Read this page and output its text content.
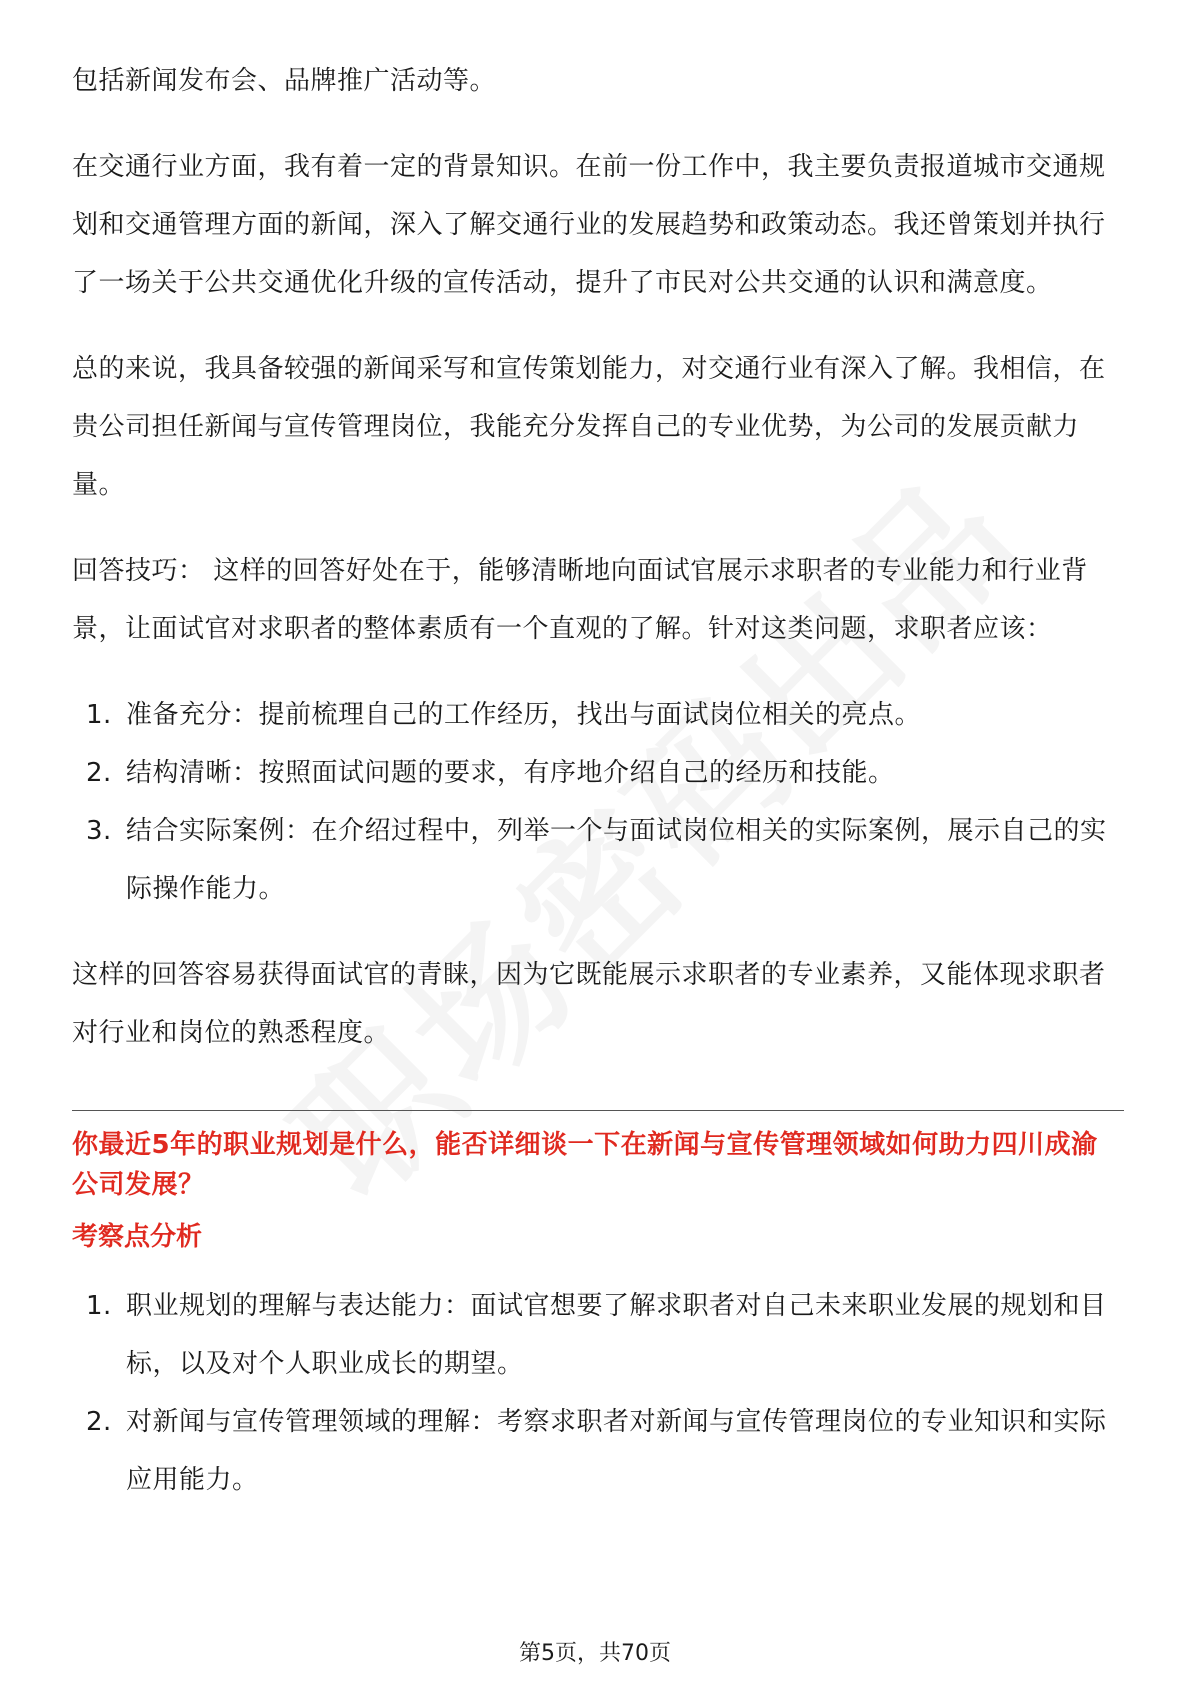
包括新闻发布会、品牌推广活动等。

在交通行业方面，我有着一定的背景知识。在前一份工作中，我主要负责报道城市交通规划和交通管理方面的新闻，深入了解交通行业的发展趋势和政策动态。我还曾策划并执行了一场关于公共交通优化升级的宣传活动，提升了市民对公共交通的认识和满意度。

总的来说，我具备较强的新闻采写和宣传策划能力，对交通行业有深入了解。我相信，在贵公司担任新闻与宣传管理岗位，我能充分发挥自己的专业优势，为公司的发展贡献力量。

回答技巧： 这样的回答好处在于，能够清晰地向面试官展示求职者的专业能力和行业背景，让面试官对求职者的整体素质有一个直观的了解。针对这类问题，求职者应该：

1. 准备充分：提前梳理自己的工作经历，找出与面试岗位相关的亮点。
2. 结构清晰：按照面试问题的要求，有序地介绍自己的经历和技能。
3. 结合实际案例：在介绍过程中，列举一个与面试岗位相关的实际案例，展示自己的实际操作能力。

这样的回答容易获得面试官的青睐，因为它既能展示求职者的专业素养，又能体现求职者对行业和岗位的熟悉程度。

你最近5年的职业规划是什么，能否详细谈一下在新闻与宣传管理领域如何助力四川成渝公司发展？

考察点分析
1. 职业规划的理解与表达能力：面试官想要了解求职者对自己未来职业发展的规划和目标，以及对个人职业成长的期望。
2. 对新闻与宣传管理领域的理解：考察求职者对新闻与宣传管理岗位的专业知识和实际应用能力。
第5页，共70页
